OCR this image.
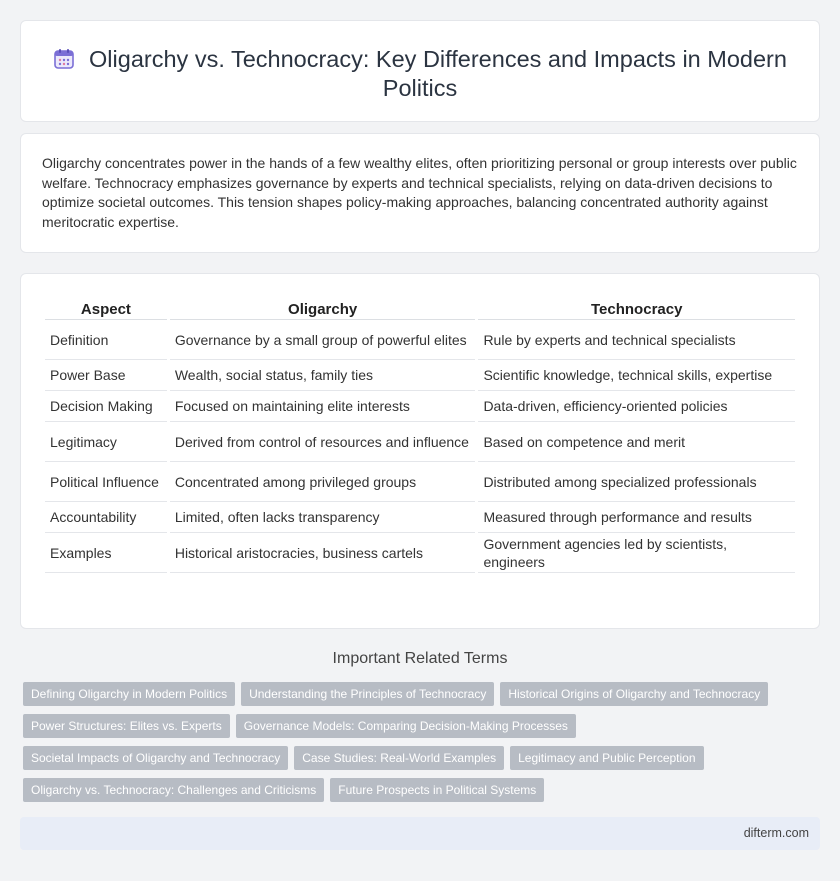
Oligarchy vs. Technocracy: Key Differences and Impacts in Modern Politics

Oligarchy concentrates power in the hands of a few wealthy elites, often prioritizing personal or group interests over public welfare. Technocracy emphasizes governance by experts and technical specialists, relying on data-driven decisions to optimize societal outcomes. This tension shapes policy-making approaches, balancing concentrated authority against meritocratic expertise.

Aspect	Oligarchy	Technocracy
Definition	Governance by a small group of powerful elites	Rule by experts and technical specialists
Power Base	Wealth, social status, family ties	Scientific knowledge, technical skills, expertise
Decision Making	Focused on maintaining elite interests	Data-driven, efficiency-oriented policies
Legitimacy	Derived from control of resources and influence	Based on competence and merit
Political Influence	Concentrated among privileged groups	Distributed among specialized professionals
Accountability	Limited, often lacks transparency	Measured through performance and results
Examples	Historical aristocracies, business cartels	Government agencies led by scientists, engineers
Important Related Terms
Defining Oligarchy in Modern Politics Understanding the Principles of Technocracy Historical Origins of Oligarchy and Technocracy
Power Structures: Elites vs. Experts Governance Models: Comparing Decision-Making Processes
Societal Impacts of Oligarchy and Technocracy Case Studies: Real-World Examples Legitimacy and Public Perception
Oligarchy vs. Technocracy: Challenges and Criticisms Future Prospects in Political Systems
difterm.com
